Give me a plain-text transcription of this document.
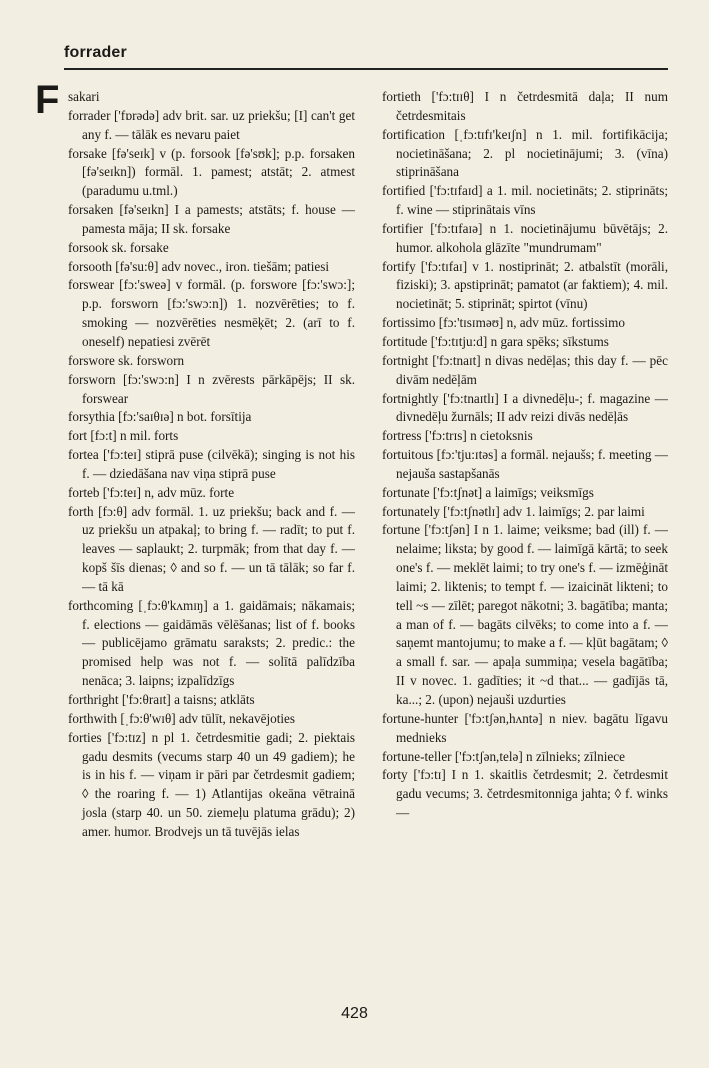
forrader
F sakari

forrader ['fɒrədə] adv brit. sar. uz priekšu; [I] can't get any f. — tālāk es nevaru paiet

forsake [fə'seɪk] v (p. forsook [fə'sʊk]; p.p. forsaken [fə'seɪkn]) formāl. 1. pamest; atstāt; 2. atmest (paradumu u.tml.)

forsaken [fə'seɪkn] I a pamests; atstāts; f. house — pamesta māja; II sk. forsake

forsook sk. forsake

forsooth [fə'su:θ] adv novec., iron. tiešām; patiesi

forswear [fɔ:'sweə] v formāl. (p. forswore [fɔ:'swɔ:]; p.p. forsworn [fɔ:'swɔ:n]) 1. nozvērēties; to f. smoking — nozvērēties nesmēķēt; 2. (arī to f. oneself) nepatiesi zvērēt

forswore sk. forsworn

forsworn [fɔ:'swɔ:n] I n zvērests pārkāpējs; II sk. forswear

forsythia [fɔ:'saɪθɪə] n bot. forsītija

fort [fɔ:t] n mil. forts

fortea ['fɔ:teɪ] stiprā puse (cilvēkā); singing is not his f. — dziedāšana nav viņa stiprā puse

forteb ['fɔ:teɪ] n, adv mūz. forte

forth [fɔ:θ] adv formāl. 1. uz priekšu; back and f. — uz priekšu un atpakaļ; to bring f. — radīt; to put f. leaves — saplaukt; 2. turpmāk; from that day f. — kopš šīs dienas; ◊ and so f. — un tā tālāk; so far f. — tā kā

forthcoming [ˌfɔ:θ'kʌmɪŋ] a 1. gaidāmais; nākamais; f. elections — gaidāmās vēlēšanas; list of f. books — publicējamo grāmatu saraksts; 2. predic.: the promised help was not f. — solītā palīdzība nenāca; 3. laipns; izpalīdzīgs

forthright ['fɔ:θraɪt] a taisns; atklāts

forthwith [ˌfɔ:θ'wɪθ] adv tūlīt, nekavējoties

forties ['fɔ:tɪz] n pl 1. četrdesmitie gadi; 2. piektais gadu desmits (vecums starp 40 un 49 gadiem); he is in his f. — viņam ir pāri par četrdesmit gadiem; ◊ the roaring f. — 1) Atlantijas okeāna vētrainā josla (starp 40. un 50. ziemeļu platuma grādu); 2) amer. humor. Brodvejs un tā tuvējās ielas

fortieth ['fɔ:tɪɪθ] I n četrdesmitā daļa; II num četrdesmitais

fortification [ˌfɔ:tɪfɪ'keɪʃn] n 1. mil. fortifikācija; nocietināšana; 2. pl nocietinājumi; 3. (vīna) stiprināšana

fortified ['fɔ:tɪfaɪd] a 1. mil. nocietināts; 2. stiprināts; f. wine — stiprinātais vīns

fortifier ['fɔ:tɪfaɪə] n 1. nocietinājumu būvētājs; 2. humor. alkohola glāzīte "mundrumam"

fortify ['fɔ:tɪfaɪ] v 1. nostiprināt; 2. atbalstīt (morāli, fiziski); 3. apstiprināt; pamatot (ar faktiem); 4. mil. nocietināt; 5. stiprināt; spirtot (vīnu)

fortissimo [fɔ:'tɪsɪməʊ] n, adv mūz. fortissimo

fortitude ['fɔ:tɪtju:d] n gara spēks; sīkstums

fortnight ['fɔ:tnaɪt] n divas nedēļas; this day f. — pēc divām nedēļām

fortnightly ['fɔ:tnaɪtlɪ] I a divnedēļu-; f. magazine — divnedēļu žurnāls; II adv reizi divās nedēļās

fortress ['fɔ:trɪs] n cietoksnis

fortuitous [fɔ:'tju:ɪtəs] a formāl. nejaušs; f. meeting — nejauša sastapšanās

fortunate ['fɔ:tʃnət] a laimīgs; veiksmīgs

fortunately ['fɔ:tʃnətlɪ] adv 1. laimīgs; 2. par laimi

fortune ['fɔ:tʃən] I n 1. laime; veiksme; bad (ill) f. — nelaime; liksta; by good f. — laimīgā kārtā; to seek one's f. — meklēt laimi; to try one's f. — izmēģināt laimi; 2. liktenis; to tempt f. — izaicināt likteni; to tell ~s — zīlēt; paregot nākotni; 3. bagātība; manta; a man of f. — bagāts cilvēks; to come into a f. — saņemt mantojumu; to make a f. — kļūt bagātam; ◊ a small f. sar. — apaļa summiņa; vesela bagātība; II v novec. 1. gadīties; it ~d that... — gadījās tā, ka...; 2. (upon) nejauši uzdurties

fortune-hunter ['fɔ:tʃən,hʌntə] n niev. bagātu līgavu mednieks

fortune-teller ['fɔ:tʃən,telə] n zīlnieks; zīlniece

forty ['fɔ:tɪ] I n 1. skaitlis četrdesmit; 2. četrdesmit gadu vecums; 3. četrdesmitonniga jahta; ◊ f. winks —

428
